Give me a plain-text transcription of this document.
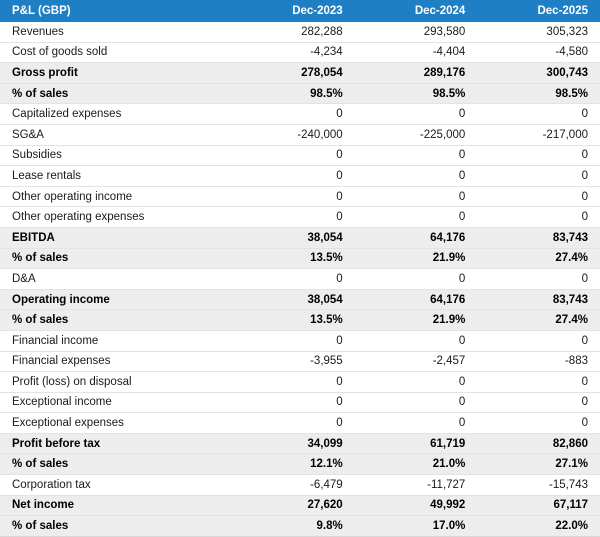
P&L (GBP)	Dec-2023	Dec-2024	Dec-2025
Revenues	282,288	293,580	305,323
Cost of goods sold	-4,234	-4,404	-4,580
Gross profit	278,054	289,176	300,743
% of sales	98.5%	98.5%	98.5%
Capitalized expenses	0	0	0
SG&A	-240,000	-225,000	-217,000
Subsidies	0	0	0
Lease rentals	0	0	0
Other operating income	0	0	0
Other operating expenses	0	0	0
EBITDA	38,054	64,176	83,743
% of sales	13.5%	21.9%	27.4%
D&A	0	0	0
Operating income	38,054	64,176	83,743
% of sales	13.5%	21.9%	27.4%
Financial income	0	0	0
Financial expenses	-3,955	-2,457	-883
Profit (loss) on disposal	0	0	0
Exceptional income	0	0	0
Exceptional expenses	0	0	0
Profit before tax	34,099	61,719	82,860
% of sales	12.1%	21.0%	27.1%
Corporation tax	-6,479	-11,727	-15,743
Net income	27,620	49,992	67,117
% of sales	9.8%	17.0%	22.0%
